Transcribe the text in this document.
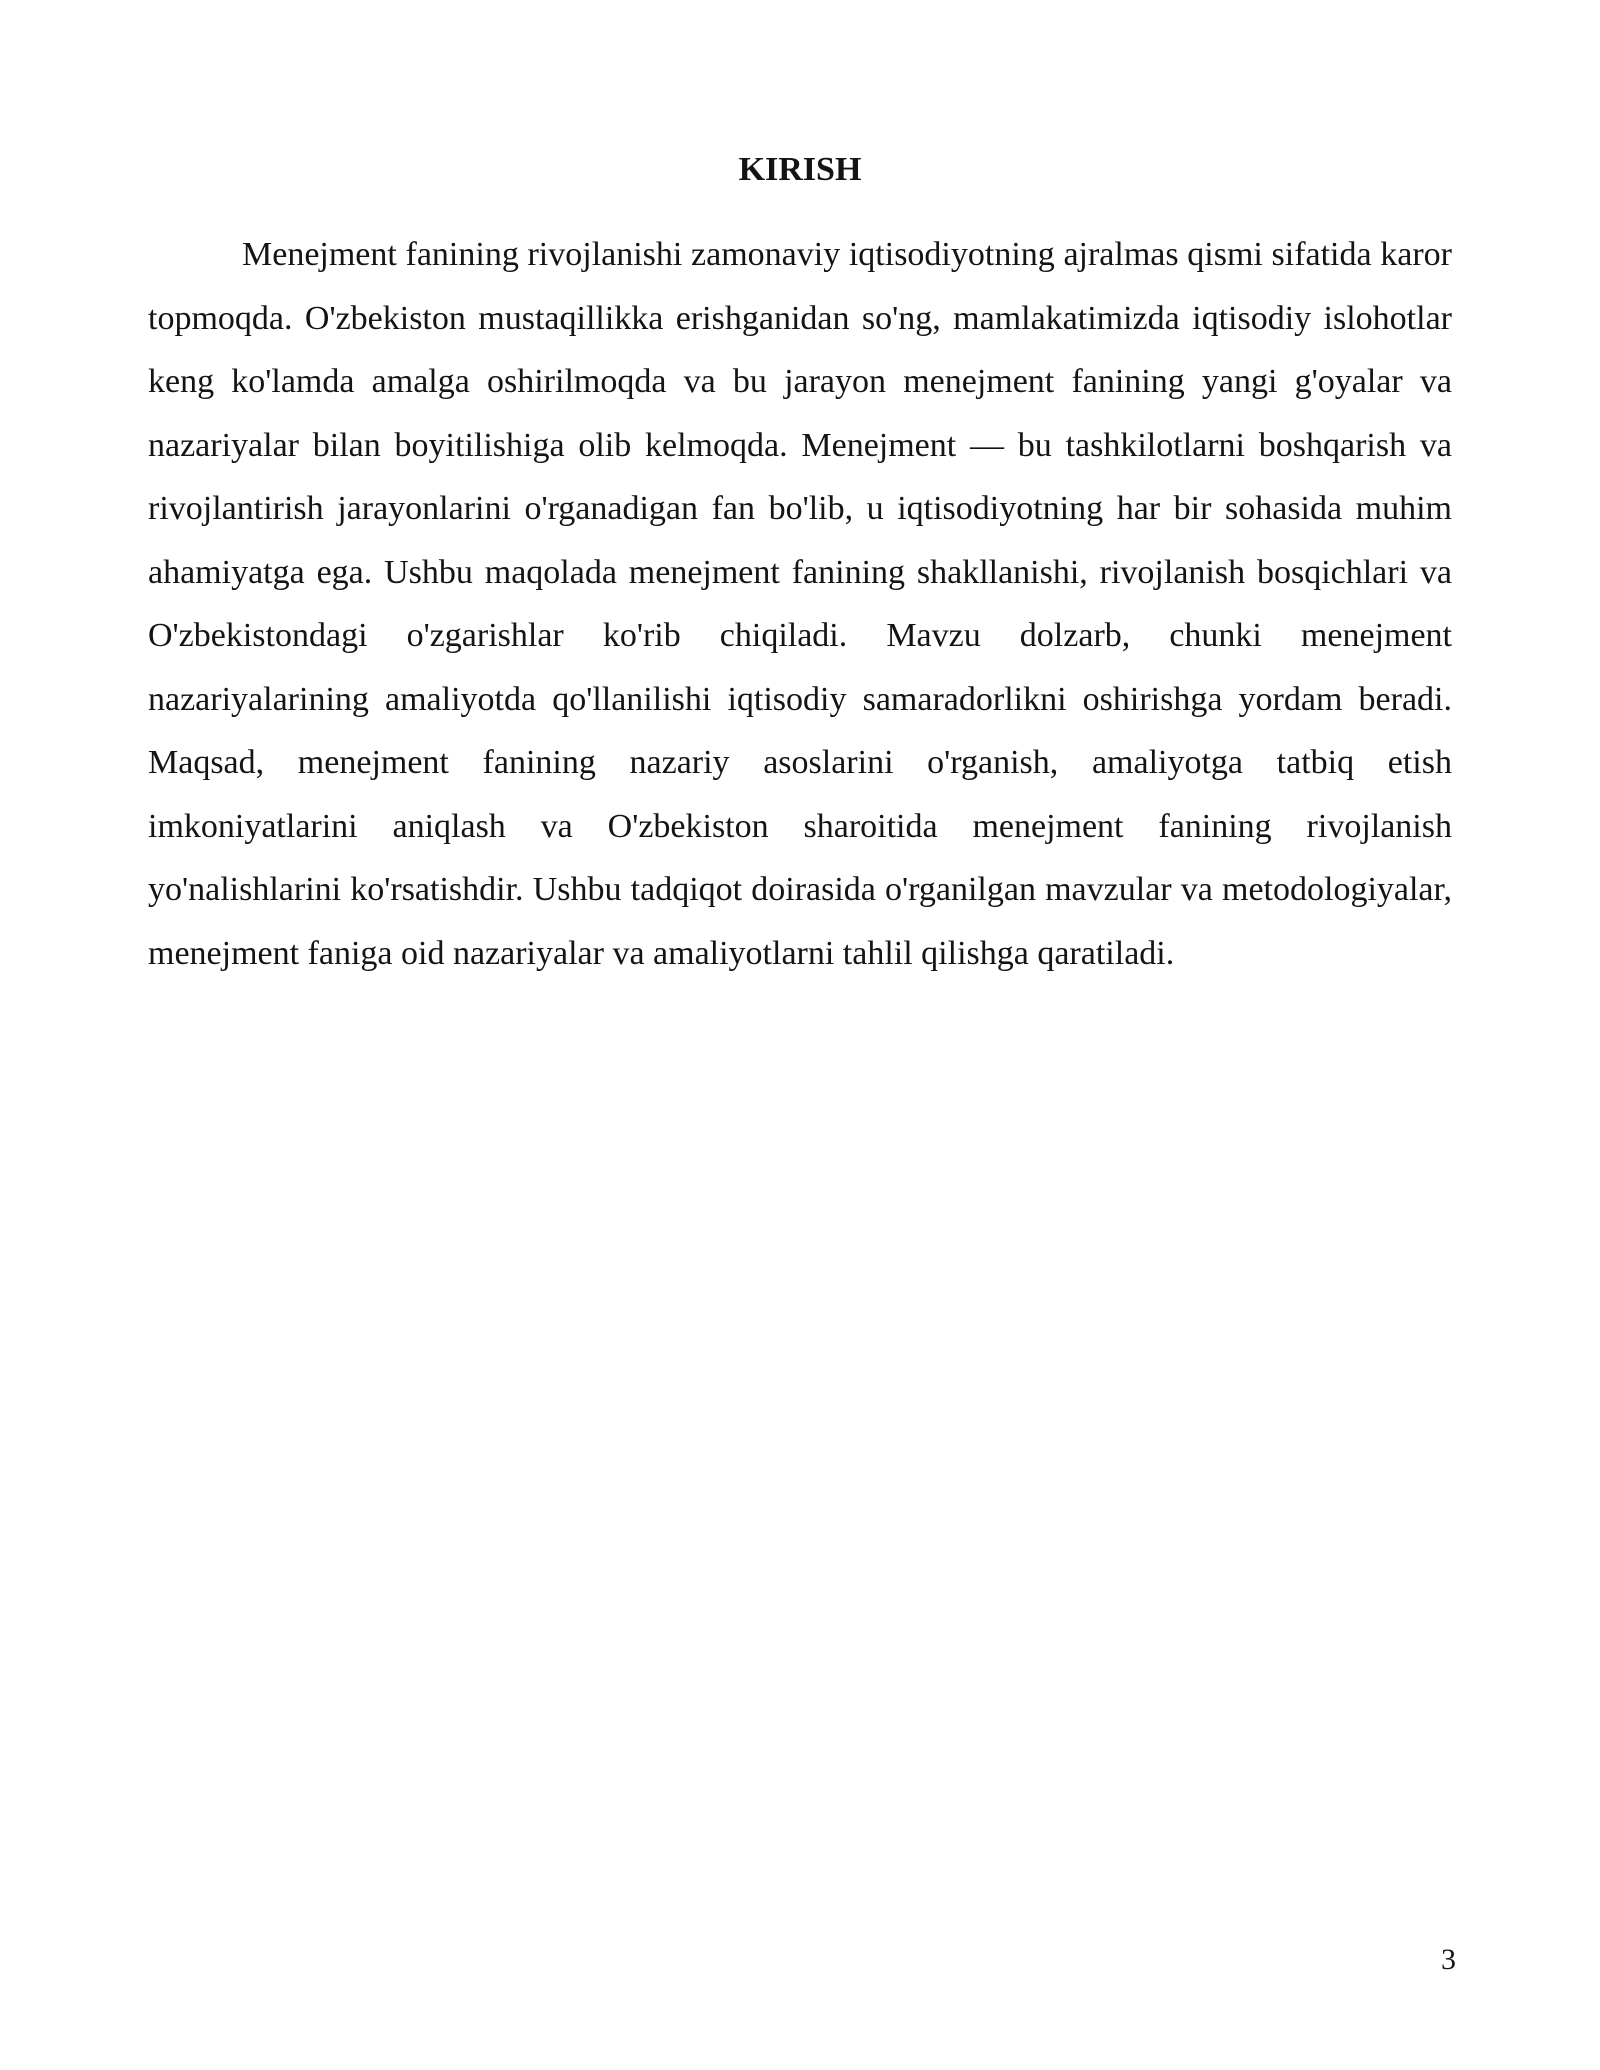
KIRISH

Menejment fanining rivojlanishi zamonaviy iqtisodiyotning ajralmas qismi sifatida karor topmoqda. O'zbekiston mustaqillikka erishganidan so'ng, mamlakatimizda iqtisodiy islohotlar keng ko'lamda amalga oshirilmoqda va bu jarayon menejment fanining yangi g'oyalar va nazariyalar bilan boyitilishiga olib kelmoqda. Menejment — bu tashkilotlarni boshqarish va rivojlantirish jarayonlarini o'rganadigan fan bo'lib, u iqtisodiyotning har bir sohasida muhim ahamiyatga ega. Ushbu maqolada menejment fanining shakllanishi, rivojlanish bosqichlari va O'zbekistondagi o'zgarishlar ko'rib chiqiladi. Mavzu dolzarb, chunki menejment nazariyalarining amaliyotda qo'llanilishi iqtisodiy samaradorlikni oshirishga yordam beradi. Maqsad, menejment fanining nazariy asoslarini o'rganish, amaliyotga tatbiq etish imkoniyatlarini aniqlash va O'zbekiston sharoitida menejment fanining rivojlanish yo'nalishlarini ko'rsatishdir. Ushbu tadqiqot doirasida o'rganilgan mavzular va metodologiyalar, menejment faniga oid nazariyalar va amaliyotlarni tahlil qilishga qaratiladi.

3
